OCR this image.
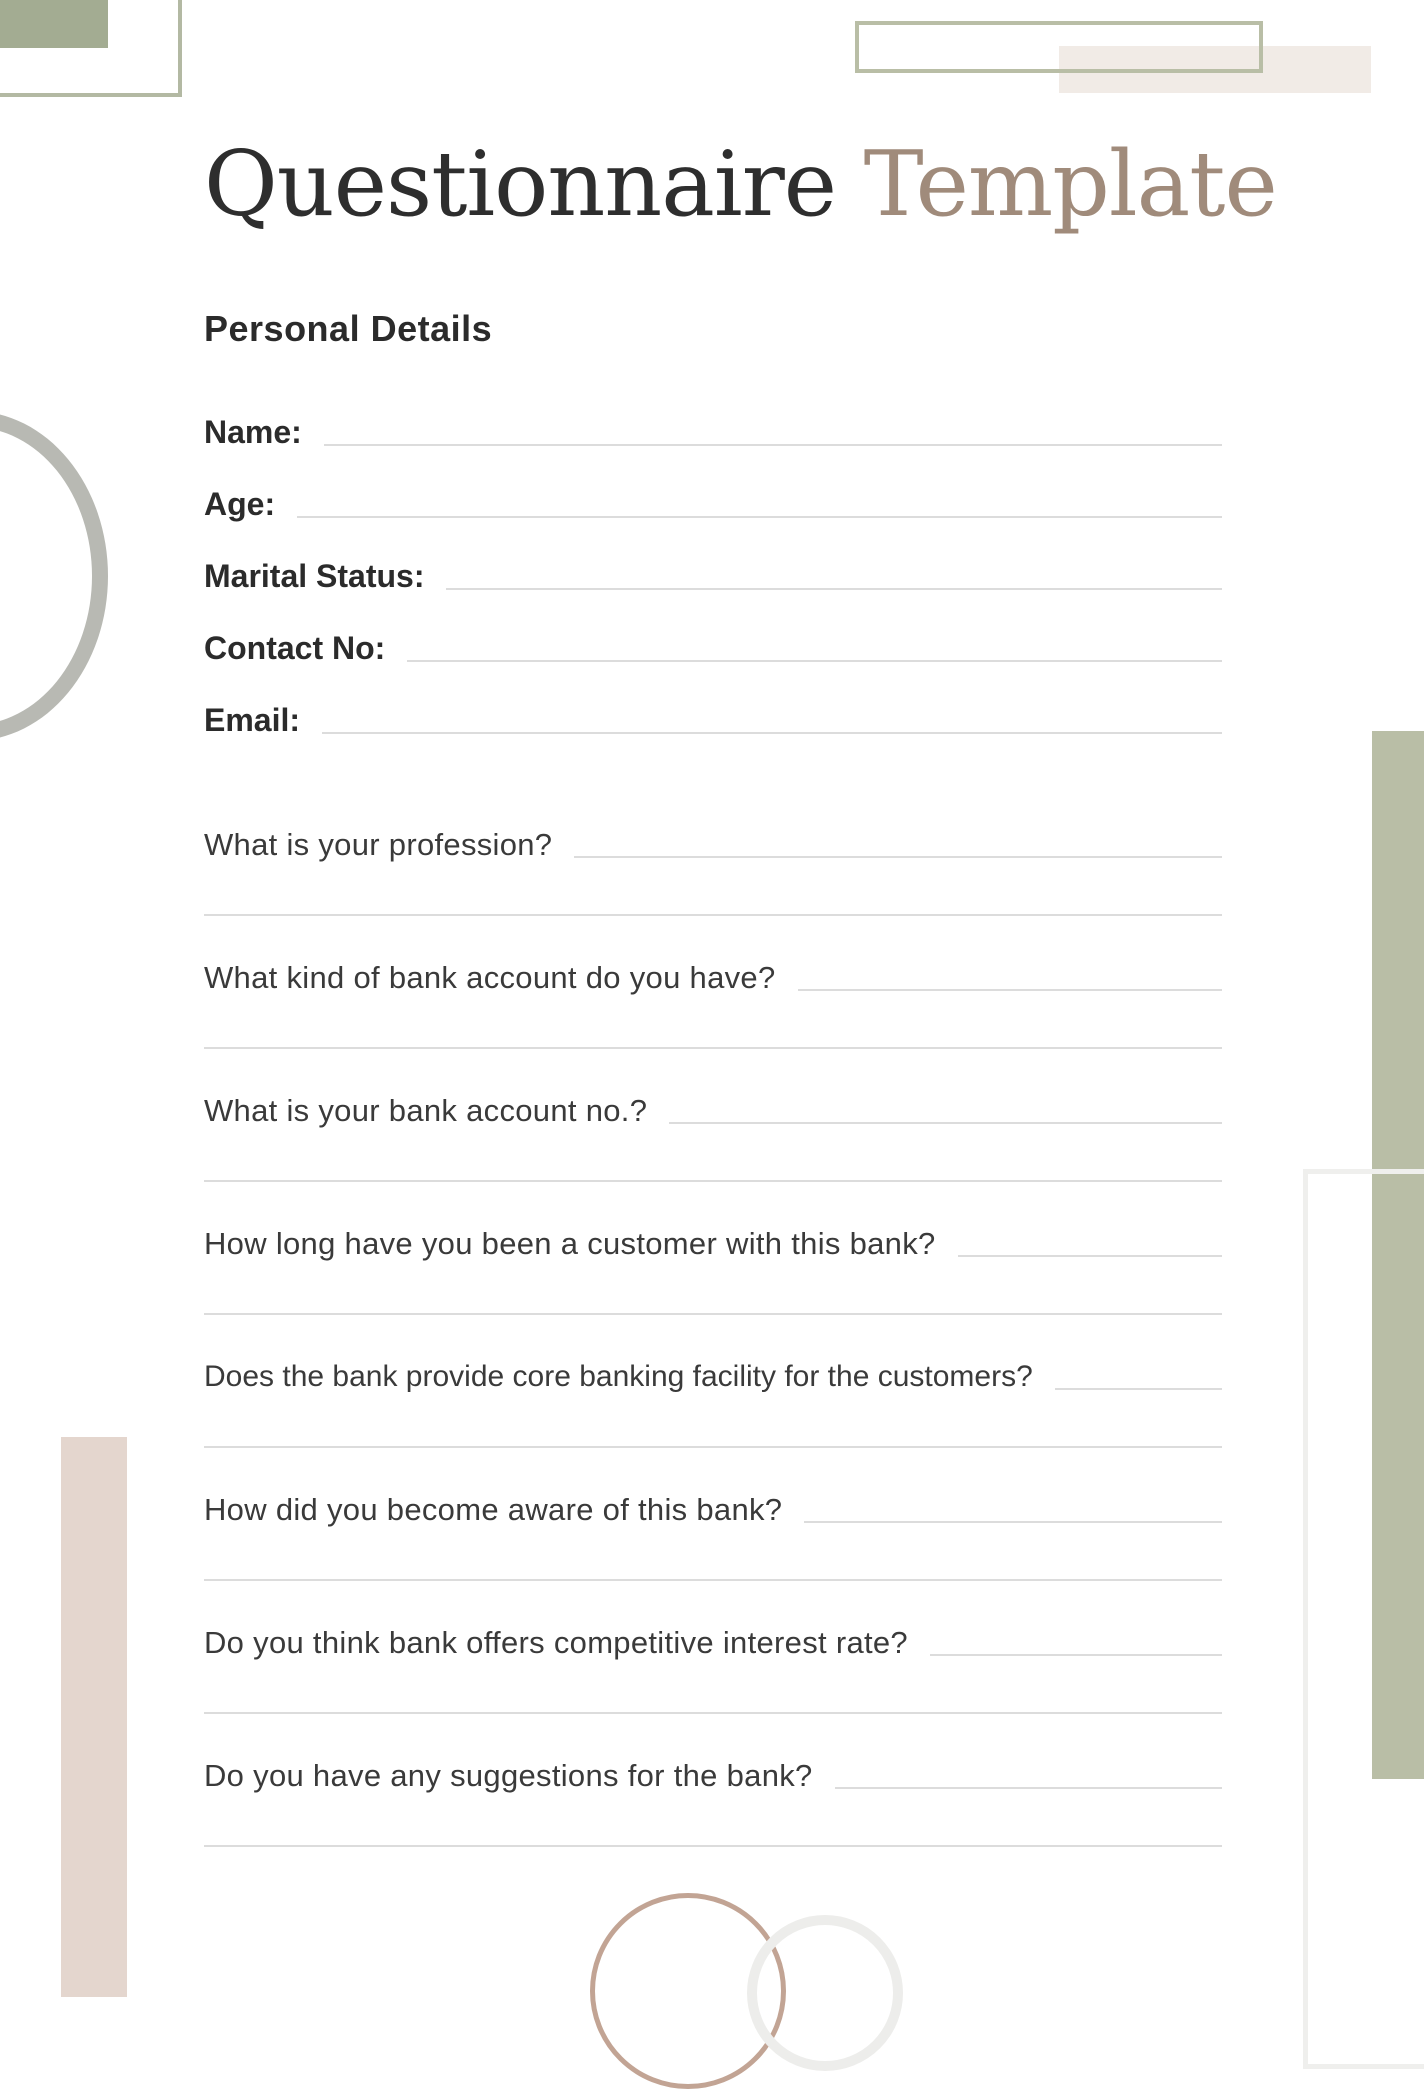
Questionnaire Template
Personal Details
Name:
Age:
Marital Status:
Contact No:
Email:
What is your profession?
What kind of bank account do you have?
What is your bank account no.?
How long have you been a customer with this bank?
Does the bank provide core banking facility for the customers?
How did you become aware of this bank?
Do you think bank offers competitive interest rate?
Do you have any suggestions for the bank?
